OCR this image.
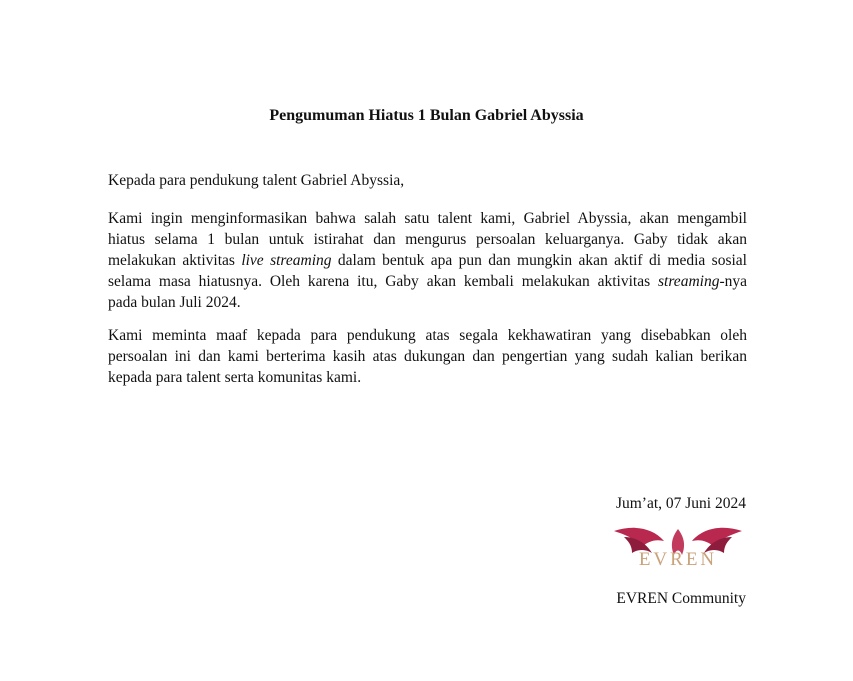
Pengumuman Hiatus 1 Bulan Gabriel Abyssia

Kepada para pendukung talent Gabriel Abyssia,

Kami ingin menginformasikan bahwa salah satu talent kami, Gabriel Abyssia, akan mengambil
hiatus selama 1 bulan untuk istirahat dan mengurus persoalan keluarganya. Gaby tidak akan
melakukan aktivitas live streaming dalam bentuk apa pun dan mungkin akan aktif di media sosial
selama masa hiatusnya. Oleh karena itu, Gaby akan kembali melakukan aktivitas streaming-nya
pada bulan Juli 2024.
Kami meminta maaf kepada para pendukung atas segala kekhawatiran yang disebabkan oleh
persoalan ini dan kami berterima kasih atas dukungan dan pengertian yang sudah kalian berikan
kepada para talent serta komunitas kami.

Jum’at, 07 Juni 2024

EVREN

EVREN Community
